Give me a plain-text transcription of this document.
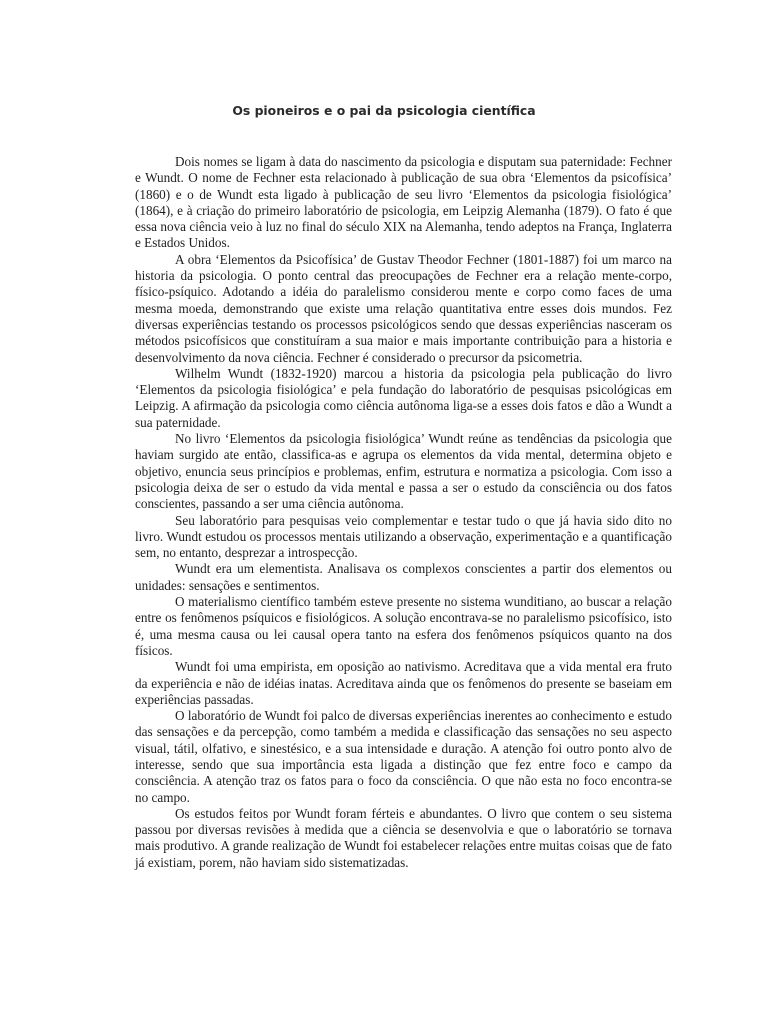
Os pioneiros e o pai da psicologia científica

Dois nomes se ligam à data do nascimento da psicologia e disputam sua paternidade: Fechner e Wundt. O nome de Fechner esta relacionado à publicação de sua obra ‘Elementos da psicofísica’ (1860) e o de Wundt esta ligado à publicação de seu livro ‘Elementos da psicologia fisiológica’ (1864), e à criação do primeiro laboratório de psicologia, em Leipzig Alemanha (1879). O fato é que essa nova ciência veio à luz no final do século XIX na Alemanha, tendo adeptos na França, Inglaterra e Estados Unidos.

A obra ‘Elementos da Psicofísica’ de Gustav Theodor Fechner (1801-1887) foi um marco na historia da psicologia. O ponto central das preocupações de Fechner era a relação mente-corpo, físico-psíquico. Adotando a idéia do paralelismo considerou mente e corpo como faces de uma mesma moeda, demonstrando que existe uma relação quantitativa entre esses dois mundos. Fez diversas experiências testando os processos psicológicos sendo que dessas experiências nasceram os métodos psicofísicos que constituíram a sua maior e mais importante contribuição para a historia e desenvolvimento da nova ciência. Fechner é considerado o precursor da psicometria.

Wilhelm Wundt (1832-1920) marcou a historia da psicologia pela publicação do livro ‘Elementos da psicologia fisiológica’ e pela fundação do laboratório de pesquisas psicológicas em Leipzig. A afirmação da psicologia como ciência autônoma liga-se a esses dois fatos e dão a Wundt a sua paternidade.

No livro ‘Elementos da psicologia fisiológica’ Wundt reúne as tendências da psicologia que haviam surgido ate então, classifica-as e agrupa os elementos da vida mental, determina objeto e objetivo, enuncia seus princípios e problemas, enfim, estrutura e normatiza a psicologia. Com isso a psicologia deixa de ser o estudo da vida mental e passa a ser o estudo da consciência ou dos fatos conscientes, passando a ser uma ciência autônoma.

Seu laboratório para pesquisas veio complementar e testar tudo o que já havia sido dito no livro. Wundt estudou os processos mentais utilizando a observação, experimentação e a quantificação sem, no entanto, desprezar a introspecção.

Wundt era um elementista. Analisava os complexos conscientes a partir dos elementos ou unidades: sensações e sentimentos.

O materialismo científico também esteve presente no sistema wunditiano, ao buscar a relação entre os fenômenos psíquicos e fisiológicos. A solução encontrava-se no paralelismo psicofísico, isto é, uma mesma causa ou lei causal opera tanto na esfera dos fenômenos psíquicos quanto na dos físicos.

Wundt foi uma empirista, em oposição ao nativismo. Acreditava que a vida mental era fruto da experiência e não de idéias inatas. Acreditava ainda que os fenômenos do presente se baseiam em experiências passadas.

O laboratório de Wundt foi palco de diversas experiências inerentes ao conhecimento e estudo das sensações e da percepção, como também a medida e classificação das sensações no seu aspecto visual, tátil, olfativo, e sinestésico, e a sua intensidade e duração. A atenção foi outro ponto alvo de interesse, sendo que sua importância esta ligada a distinção que fez entre foco e campo da consciência. A atenção traz os fatos para o foco da consciência. O que não esta no foco encontra-se no campo.

Os estudos feitos por Wundt foram férteis e abundantes. O livro que contem o seu sistema passou por diversas revisões à medida que a ciência se desenvolvia e que o laboratório se tornava mais produtivo. A grande realização de Wundt foi estabelecer relações entre muitas coisas que de fato já existiam, porem, não haviam sido sistematizadas.
